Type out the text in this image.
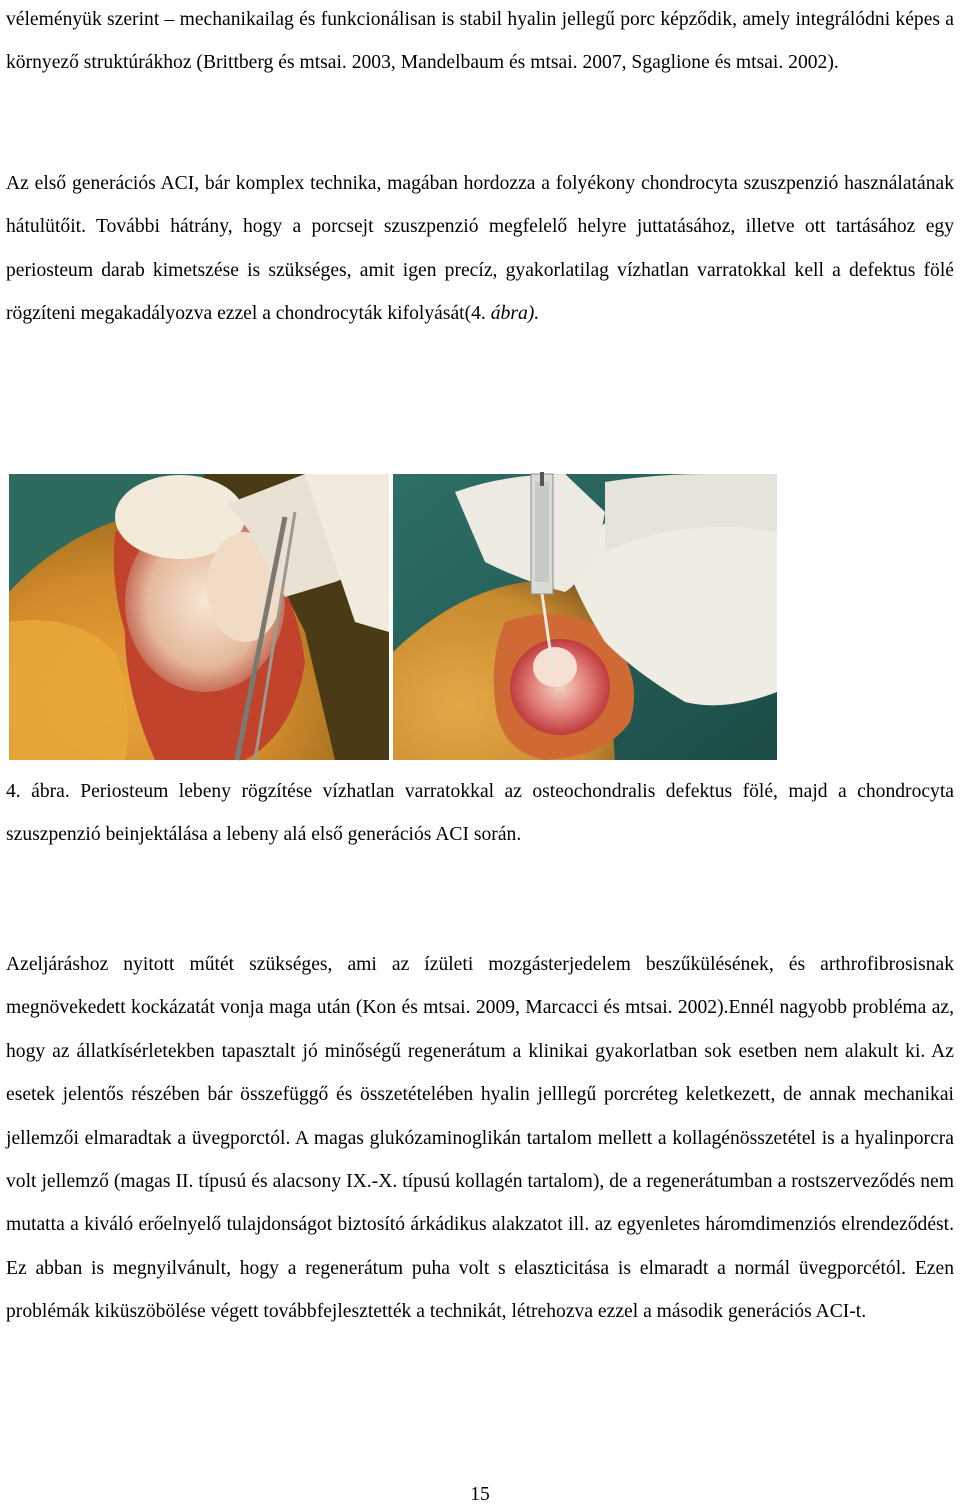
véleményük szerint – mechanikailag és funkcionálisan is stabil hyalin jellegű porc képződik, amely integrálódni képes a környező struktúrákhoz (Brittberg és mtsai. 2003, Mandelbaum és mtsai. 2007, Sgaglione és mtsai. 2002).

Az első generációs ACI, bár komplex technika, magában hordozza a folyékony chondrocyta szuszpenzió használatának hátulütőit. További hátrány, hogy a porcsejt szuszpenzió megfelelő helyre juttatásához, illetve ott tartásához egy periosteum darab kimetszése is szükséges, amit igen precíz, gyakorlatilag vízhatlan varratokkal kell a defektus fölé rögzíteni megakadályozva ezzel a chondrocyták kifolyását(4. ábra).

4. ábra. Periosteum lebeny rögzítése vízhatlan varratokkal az osteochondralis defektus fölé, majd a chondrocyta szuszpenzió beinjektálása a lebeny alá első generációs ACI során.

Azeljáráshoz nyitott műtét szükséges, ami az ízületi mozgásterjedelem beszűkülésének, és arthrofibrosisnak megnövekedett kockázatát vonja maga után (Kon és mtsai. 2009, Marcacci és mtsai. 2002).Ennél nagyobb probléma az, hogy az állatkísérletekben tapasztalt jó minőségű regenerátum a klinikai gyakorlatban sok esetben nem alakult ki. Az esetek jelentős részében bár összefüggő és összetételében hyalin jelllegű porcréteg keletkezett, de annak mechanikai jellemzői elmaradtak a üvegporctól. A magas glukózaminoglikán tartalom mellett a kollagénösszetétel is a hyalinporcra volt jellemző (magas II. típusú és alacsony IX.-X. típusú kollagén tartalom), de a regenerátumban a rostszerveződés nem mutatta a kiváló erőelnyelő tulajdonságot biztosító árkádikus alakzatot ill. az egyenletes háromdimenziós elrendeződést. Ez abban is megnyilvánult, hogy a regenerátum puha volt s elaszticitása is elmaradt a normál üvegporcétól. Ezen problémák kiküszöbölése végett továbbfejlesztették a technikát, létrehozva ezzel a második generációs ACI-t.

15
